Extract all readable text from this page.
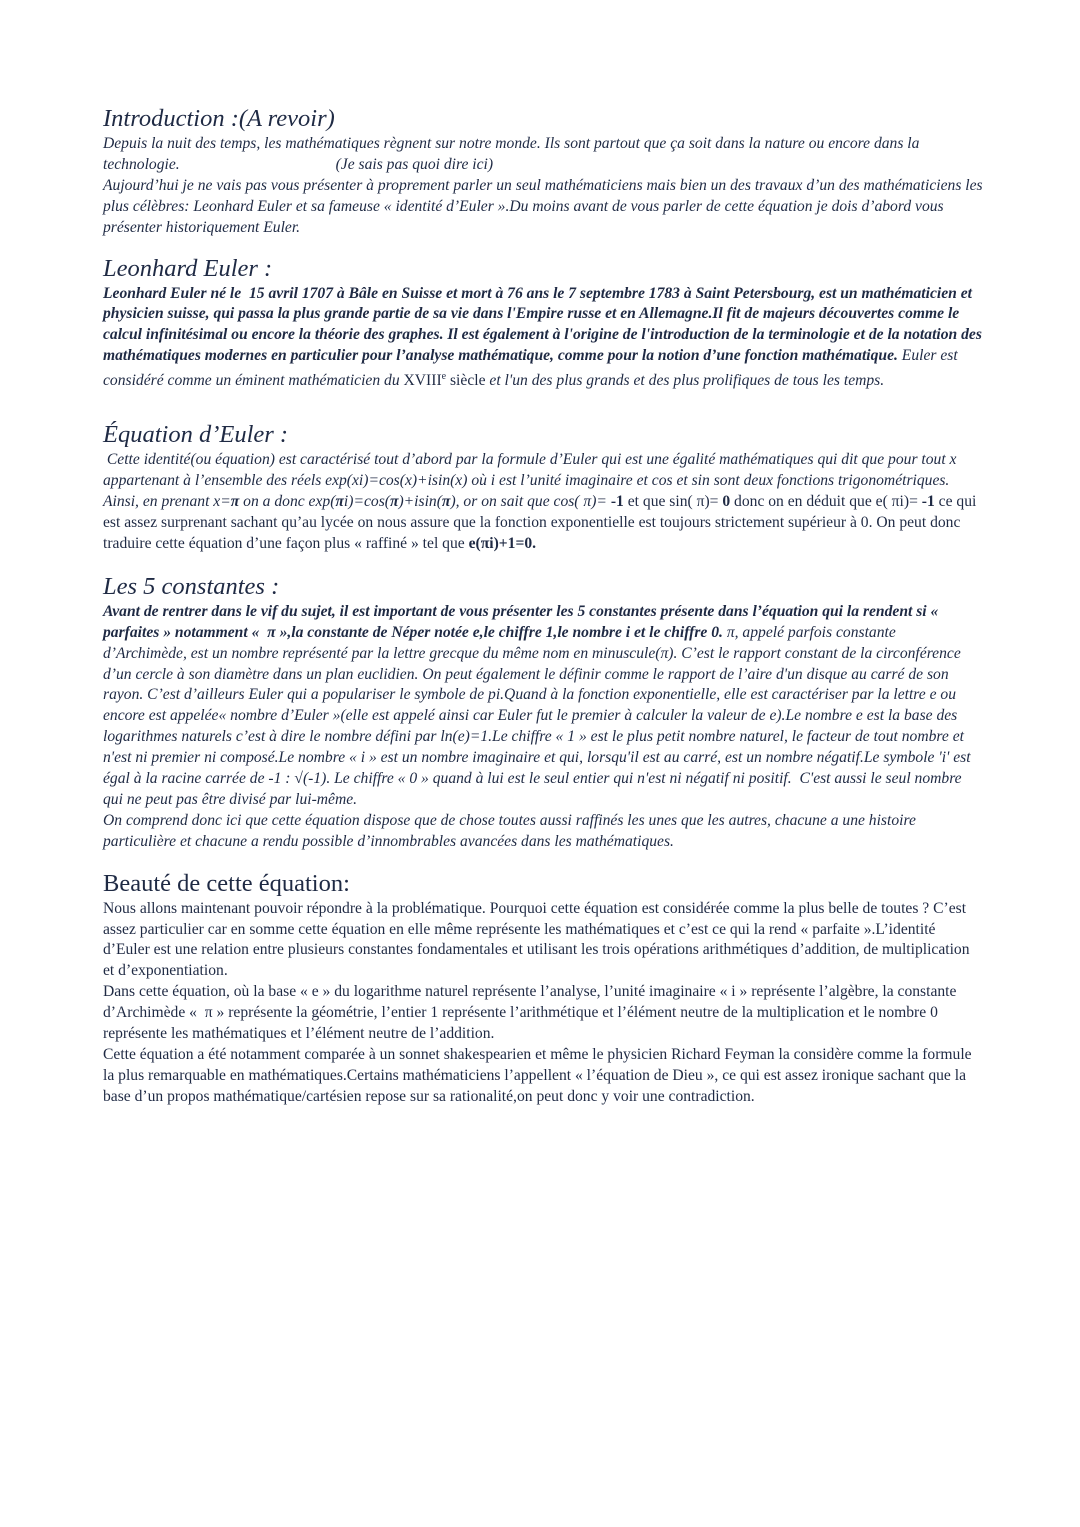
Introduction :(A revoir)

Depuis la nuit des temps, les mathématiques règnent sur notre monde. Ils sont partout que ça soit dans la nature ou encore dans la technologie.                                        (Je sais pas quoi dire ici)

Aujourd’hui je ne vais pas vous présenter à proprement parler un seul mathématiciens mais bien un des travaux d’un des mathématiciens les plus célèbres: Leonhard Euler et sa fameuse « identité d’Euler ».Du moins avant de vous parler de cette équation je dois d’abord vous présenter historiquement Euler.

Leonhard Euler :

Leonhard Euler né le  15 avril 1707 à Bâle en Suisse et mort à 76 ans le 7 septembre 1783 à Saint Petersbourg, est un mathématicien et physicien suisse, qui passa la plus grande partie de sa vie dans l'Empire russe et en Allemagne.Il fit de majeurs découvertes comme le calcul infinitésimal ou encore la théorie des graphes. Il est également à l'origine de l'introduction de la terminologie et de la notation des mathématiques modernes en particulier pour l’analyse mathématique, comme pour la notion d’une fonction mathématique. Euler est considéré comme un éminent mathématicien du XVIIIe siècle et l'un des plus grands et des plus prolifiques de tous les temps.

Équation d’Euler :

Cette identité(ou équation) est caractérisé tout d’abord par la formule d’Euler qui est une égalité mathématiques qui dit que pour tout x appartenant à l’ensemble des réels exp(xi)=cos(x)+isin(x) où i est l’unité imaginaire et cos et sin sont deux fonctions trigonométriques.

Ainsi, en prenant x=π on a donc exp(πi)=cos(π)+isin(π), or on sait que cos( π)= -1 et que sin( π)= 0 donc on en déduit que e( πi)= -1 ce qui est assez surprenant sachant qu’au lycée on nous assure que la fonction exponentielle est toujours strictement supérieur à 0. On peut donc traduire cette équation d’une façon plus « raffiné » tel que e(πi)+1=0.

Les 5 constantes :

Avant de rentrer dans le vif du sujet, il est important de vous présenter les 5 constantes présente dans l’équation qui la rendent si « parfaites » notamment «  π »,la constante de Néper notée e,le chiffre 1,le nombre i et le chiffre 0. π, appelé parfois constante d’Archimède, est un nombre représenté par la lettre grecque du même nom en minuscule(π). C’est le rapport constant de la circonférence d’un cercle à son diamètre dans un plan euclidien. On peut également le définir comme le rapport de l’aire d'un disque au carré de son rayon. C’est d’ailleurs Euler qui a populariser le symbole de pi.Quand à la fonction exponentielle, elle est caractériser par la lettre e ou encore est appelée« nombre d’Euler »(elle est appelé ainsi car Euler fut le premier à calculer la valeur de e).Le nombre e est la base des logarithmes naturels c’est à dire le nombre défini par ln(e)=1.Le chiffre « 1 » est le plus petit nombre naturel, le facteur de tout nombre et n'est ni premier ni composé.Le nombre « i » est un nombre imaginaire et qui, lorsqu'il est au carré, est un nombre négatif.Le symbole 'i' est égal à la racine carrée de -1 : √(-1). Le chiffre « 0 » quand à lui est le seul entier qui n'est ni négatif ni positif.  C'est aussi le seul nombre qui ne peut pas être divisé par lui-même.

On comprend donc ici que cette équation dispose que de chose toutes aussi raffinés les unes que les autres, chacune a une histoire particulière et chacune a rendu possible d’innombrables avancées dans les mathématiques.

Beauté de cette équation:

Nous allons maintenant pouvoir répondre à la problématique. Pourquoi cette équation est considérée comme la plus belle de toutes ? C’est assez particulier car en somme cette équation en elle même représente les mathématiques et c’est ce qui la rend « parfaite ».L’identité d’Euler est une relation entre plusieurs constantes fondamentales et utilisant les trois opérations arithmétiques d’addition, de multiplication et d’exponentiation.

Dans cette équation, où la base « e » du logarithme naturel représente l’analyse, l’unité imaginaire « i » représente l’algèbre, la constante d’Archimède «  π » représente la géométrie, l’entier 1 représente l’arithmétique et l’élément neutre de la multiplication et le nombre 0 représente les mathématiques et l’élément neutre de l’addition.

Cette équation a été notamment comparée à un sonnet shakespearien et même le physicien Richard Feyman la considère comme la formule la plus remarquable en mathématiques.Certains mathématiciens l’appellent « l’équation de Dieu », ce qui est assez ironique sachant que la base d’un propos mathématique/cartésien repose sur sa rationalité,on peut donc y voir une contradiction.
